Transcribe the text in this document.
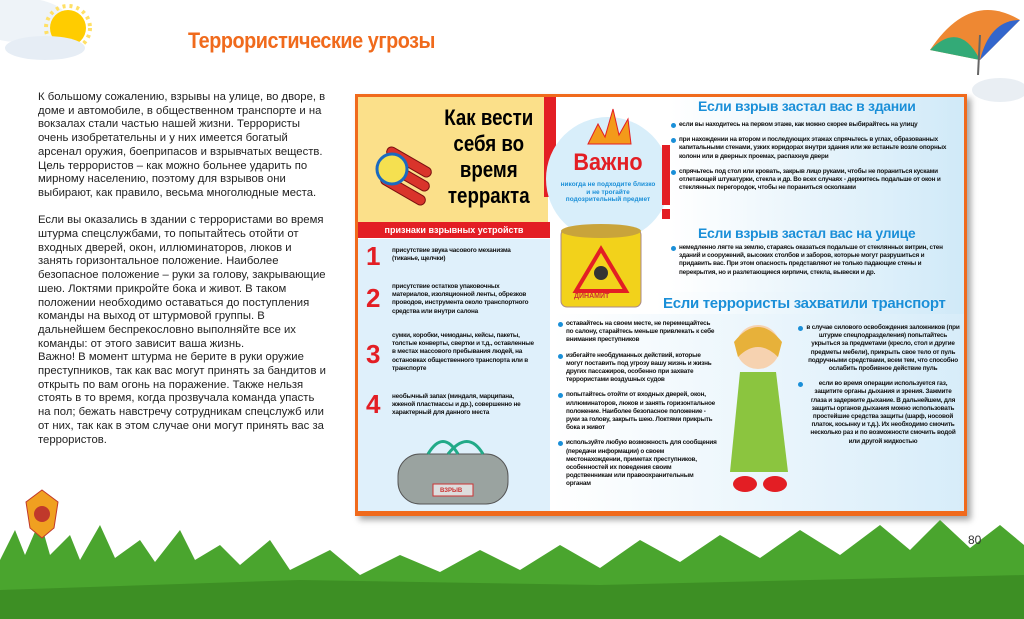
Террористические угрозы

К большому сожалению, взрывы на улице, во дворе, в доме и автомобиле, в общественном транспорте и на вокзалах стали частью нашей жизни. Террористы очень изобретательны и у них имеется богатый арсенал оружия, боеприпасов и взрывчатых веществ. Цель террористов – как можно больнее ударить по мирному населению, поэтому для взрывов они выбирают, как правило, весьма многолюдные места.

Если вы оказались в здании с террористами во время штурма спецслужбами, то попытайтесь отойти от входных дверей, окон, иллюминаторов, люков и занять горизонтальное положение. Наиболее безопасное положение – руки за голову, закрывающие шею. Локтями прикройте бока и живот. В таком положении необходимо оставаться до поступления команды на выход от штурмовой группы. В дальнейшем беспрекословно выполняйте все их команды: от этого зависит ваша жизнь.

Важно! В момент штурма не берите в руки оружие преступников, так как вас могут принять за бандитов и открыть по вам огонь на поражение. Также нельзя стоять в то время, когда прозвучала команда упасть на пол; бежать навстречу сотрудникам спецслужб или от них, так как в этом случае они могут принять вас за террористов.

Как вести себя во время терракта
признаки взрывных устройств
1 присутствие звука часового механизма (тиканье, щелчки)
2 присутствие остатков упаковочных материалов, изоляционной ленты, обрезков проводов, инструмента около транспортного средства или внутри салона
3
сумки, коробки, чемоданы, кейсы, пакеты, толстые конверты, свертки и т.д., оставленные в местах массового пребывания людей, на остановках общественного транспорта или в транспорте
4 необычный запах (миндаля, марципана, жженой пластмассы и др.), совершенно не характерный для данного места
ВЗРЫВ
Важно
никогда не подходите близко и не трогайте подозрительный предмет
Если взрыв застал вас в здании
если вы находитесь на первом этаже, как можно скорее выбирайтесь на улицу
при нахождении на втором и последующих этажах спрячьтесь в углах, образованных капитальными стенами, узких коридорах внутри здания или же встаньте возле опорных колонн или в дверных проемах, распахнув двери
спрячьтесь под стол или кровать, закрыв лицо руками, чтобы не пораниться кусками отлетающей штукатурки, стекла и др. Во всех случаях - держитесь подальше от окон и стеклянных перегородок, чтобы не пораниться осколками
Если взрыв застал вас на улице
немедленно лягте на землю, стараясь оказаться подальше от стеклянных витрин, стен зданий и сооружений, высоких столбов и заборов, которые могут разрушиться и придавить вас. При этом опасность представляют не только падающие стены и перекрытия, но и разлетающиеся кирпичи, стекла, вывески и др.
Если террористы захватили транспорт
ДИНАМИТ
оставайтесь на своем месте, не перемещайтесь по салону, старайтесь меньше привлекать к себе внимания преступников
избегайте необдуманных действий, которые могут поставить под угрозу вашу жизнь и жизнь других пассажиров, особенно при захвате террористами воздушных судов
попытайтесь отойти от входных дверей, окон, иллюминаторов, люков и занять горизонтальное положение. Наиболее безопасное положение - руки за голову, закрыть шею. Локтями прикрыть бока и живот
используйте любую возможность для сообщения (передачи информации) о своем местонахождении, приметах преступников, особенностей их поведения своим родственникам или правоохранительным органам
в случае силового освобождения заложников (при штурме спецподразделения) попытайтесь укрыться за предметами (кресло, стол и другие предметы мебели), прикрыть свое тело от пуль подручными средствами, всем тем, что способно ослабить пробивное действие пуль
если во время операции используется газ, защитите органы дыхания и зрения. Зажмите глаза и задержите дыхание. В дальнейшем, для защиты органов дыхания можно использовать простейшие средства защиты (шарф, носовой платок, косынку и т.д.). Их необходимо смочить несколько раз и по возможности смочить водой или другой жидкостью
80
